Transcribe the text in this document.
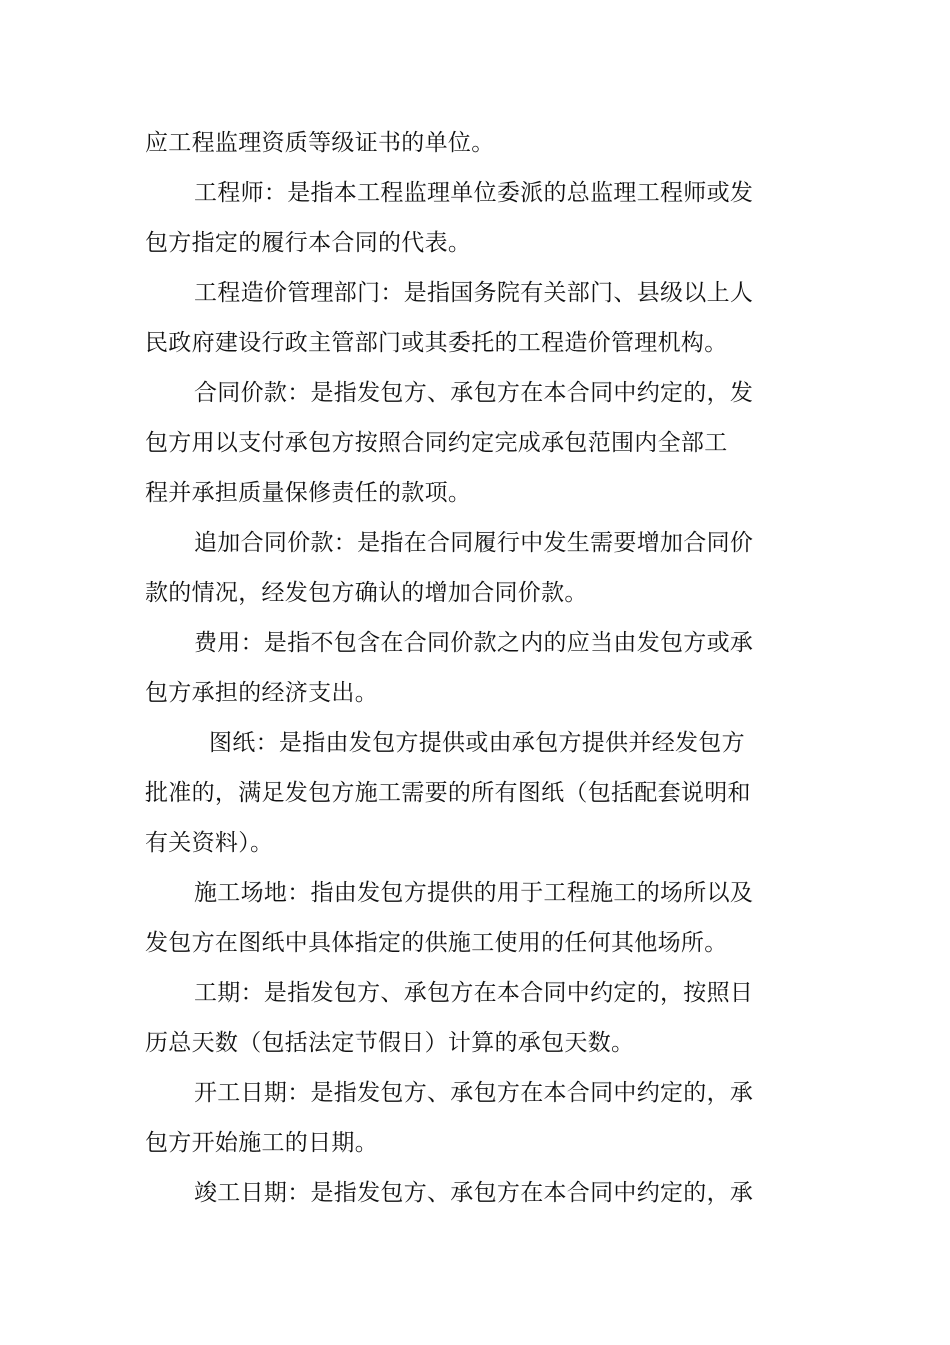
应工程监理资质等级证书的单位。
工程师：是指本工程监理单位委派的总监理工程师或发
包方指定的履行本合同的代表。
工程造价管理部门：是指国务院有关部门、县级以上人
民政府建设行政主管部门或其委托的工程造价管理机构。
合同价款：是指发包方、承包方在本合同中约定的，发
包方用以支付承包方按照合同约定完成承包范围内全部工
程并承担质量保修责任的款项。
追加合同价款：是指在合同履行中发生需要增加合同价
款的情况，经发包方确认的增加合同价款。
费用：是指不包含在合同价款之内的应当由发包方或承
包方承担的经济支出。
图纸：是指由发包方提供或由承包方提供并经发包方
批准的，满足发包方施工需要的所有图纸（包括配套说明和
有关资料）。
施工场地：指由发包方提供的用于工程施工的场所以及
发包方在图纸中具体指定的供施工使用的任何其他场所。
工期：是指发包方、承包方在本合同中约定的，按照日
历总天数（包括法定节假日）计算的承包天数。
开工日期：是指发包方、承包方在本合同中约定的，承
包方开始施工的日期。
竣工日期：是指发包方、承包方在本合同中约定的，承
